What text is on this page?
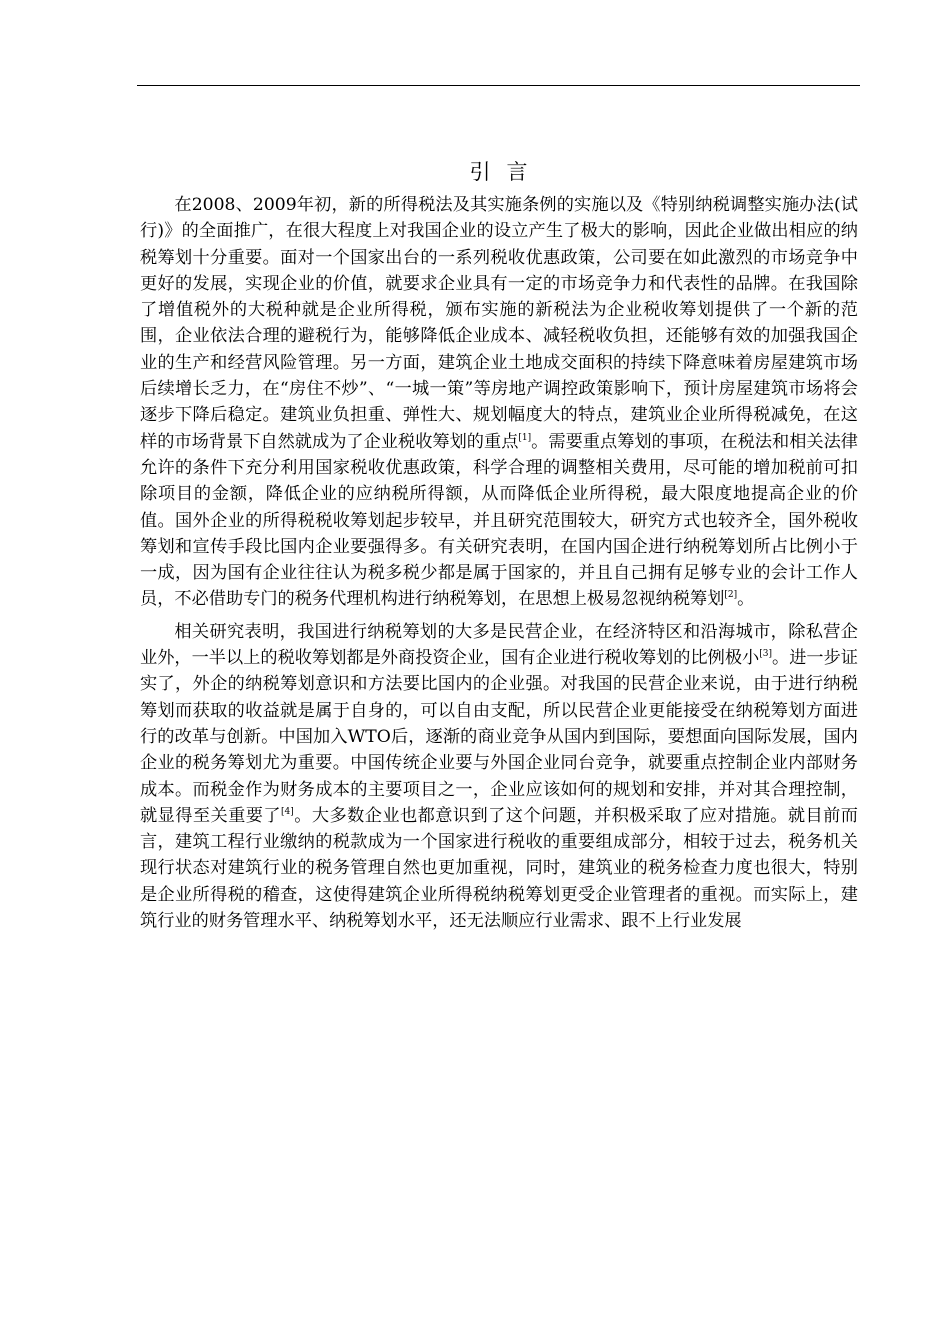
引言

在2008、2009年初，新的所得税法及其实施条例的实施以及《特别纳税调整实施办法(试行)》的全面推广，在很大程度上对我国企业的设立产生了极大的影响，因此企业做出相应的纳税筹划十分重要。面对一个国家出台的一系列税收优惠政策，公司要在如此激烈的市场竞争中更好的发展，实现企业的价值，就要求企业具有一定的市场竞争力和代表性的品牌。在我国除了增值税外的大税种就是企业所得税，颁布实施的新税法为企业税收筹划提供了一个新的范围，企业依法合理的避税行为，能够降低企业成本、减轻税收负担，还能够有效的加强我国企业的生产和经营风险管理。另一方面，建筑企业土地成交面积的持续下降意味着房屋建筑市场后续增长乏力，在“房住不炒”、“一城一策”等房地产调控政策影响下，预计房屋建筑市场将会逐步下降后稳定。建筑业负担重、弹性大、规划幅度大的特点，建筑业企业所得税减免，在这样的市场背景下自然就成为了企业税收筹划的重点[1]。需要重点筹划的事项，在税法和相关法律允许的条件下充分利用国家税收优惠政策，科学合理的调整相关费用，尽可能的增加税前可扣除项目的金额，降低企业的应纳税所得额，从而降低企业所得税，最大限度地提高企业的价值。国外企业的所得税税收筹划起步较早，并且研究范围较大，研究方式也较齐全，国外税收筹划和宣传手段比国内企业要强得多。有关研究表明，在国内国企进行纳税筹划所占比例小于一成，因为国有企业往往认为税多税少都是属于国家的，并且自己拥有足够专业的会计工作人员，不必借助专门的税务代理机构进行纳税筹划，在思想上极易忽视纳税筹划[2]。

相关研究表明，我国进行纳税筹划的大多是民营企业，在经济特区和沿海城市，除私营企业外，一半以上的税收筹划都是外商投资企业，国有企业进行税收筹划的比例极小[3]。进一步证实了，外企的纳税筹划意识和方法要比国内的企业强。对我国的民营企业来说，由于进行纳税筹划而获取的收益就是属于自身的，可以自由支配，所以民营企业更能接受在纳税筹划方面进行的改革与创新。中国加入WTO后，逐渐的商业竞争从国内到国际，要想面向国际发展，国内企业的税务筹划尤为重要。中国传统企业要与外国企业同台竞争，就要重点控制企业内部财务成本。而税金作为财务成本的主要项目之一，企业应该如何的规划和安排，并对其合理控制，就显得至关重要了[4]。大多数企业也都意识到了这个问题，并积极采取了应对措施。就目前而言，建筑工程行业缴纳的税款成为一个国家进行税收的重要组成部分，相较于过去，税务机关现行状态对建筑行业的税务管理自然也更加重视，同时，建筑业的税务检查力度也很大，特别是企业所得税的稽查，这使得建筑企业所得税纳税筹划更受企业管理者的重视。而实际上，建筑行业的财务管理水平、纳税筹划水平，还无法顺应行业需求、跟不上行业发展
